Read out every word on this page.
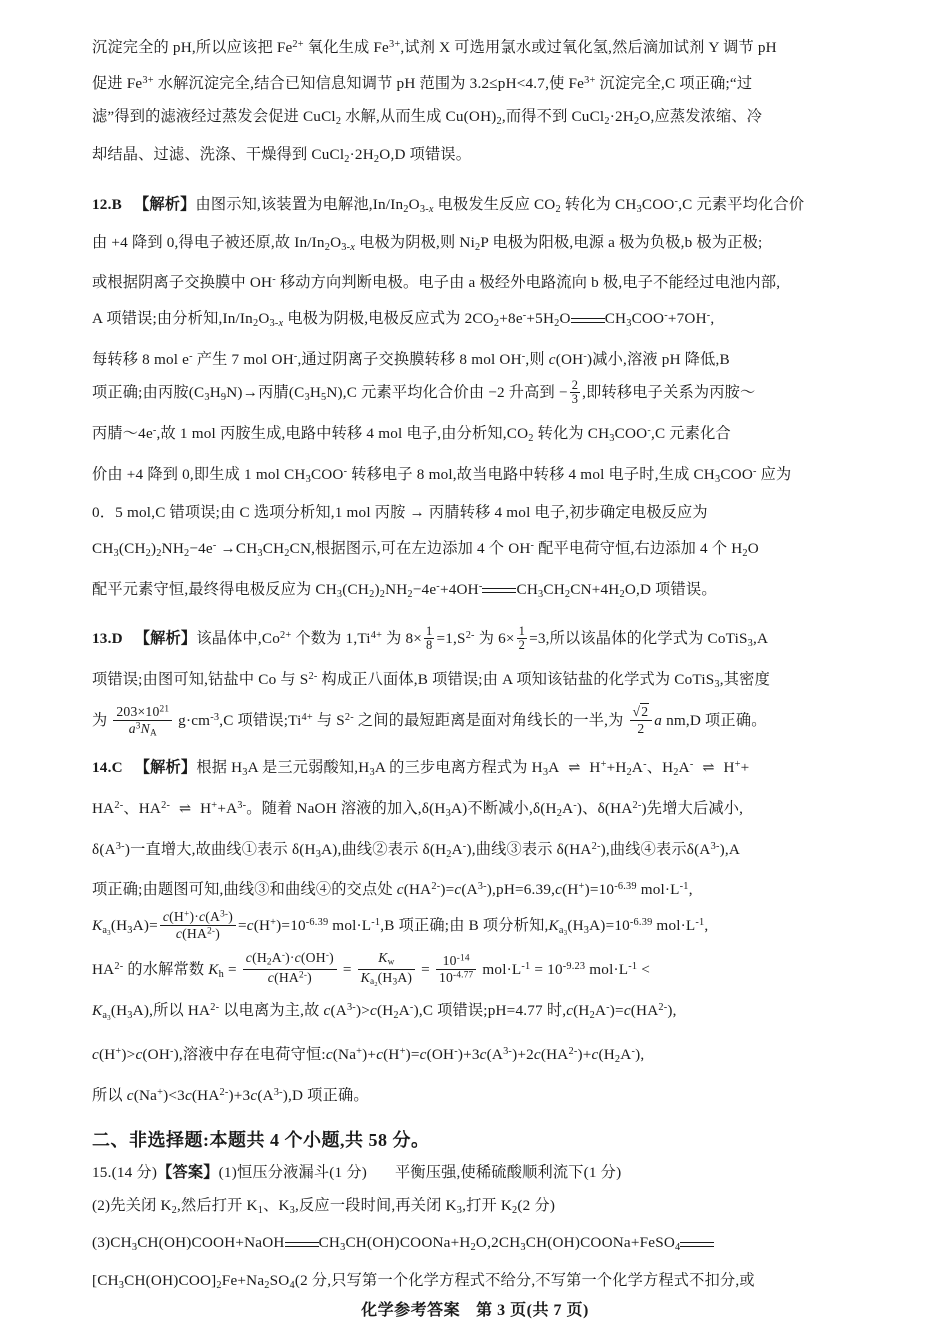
沉淀完全的 pH,所以应该把 $Fe^{2+}$ 氧化生成 $Fe^{3+}$,试剂 X 可选用氯水或过氧化氢,然后滴加试剂 Y 调节 pH
促进 $Fe^{3+}$ 水解沉淀完全,结合已知信息知调节 pH 范围为 3.2≤pH<4.7,使 $Fe^{3+}$ 沉淀完全,C 项正确;“过
滤”得到的滤液经过蒸发会促进 CuCl$_2$ 水解,从而生成 $Cu(OH)_2$,而得不到 $CuCl_2\cdot 2H_2O$,应蒸发浓缩、冷
却结晶、过滤、洗涤、干燥得到 $CuCl_2\cdot 2H_2O,D$ 项错误。
12.B 【解析】由图示知,该装置为电解池$,In/In_2O_{3-x}$ 电极发生反应 $CO_2$ 转化为 $CH_3COO^-,C$ 元素平均化合价
由 +4 降到 0,得电子被还原,故 $In/In_2O_{3-x}$ 电极为阴极,则 $Ni_2P$ 电极为阳极,电源 a 极为负极,b 极为正极;
或根据阴离子交换膜中 OH- 移动方向判断电极。电子由 a 极经外电路流向 b 极,电子不能经过电池内部,
A 项错误;由分析知$,In/In_2O_{3-x}$ 电极为阴极,电极反应式为 $2CO_2+8e^-+5H_2O$ $CH_3COO^-+7OH^-$,
每转移 8 mol e- 产生 7 mol OH-,通过阴离子交换膜转移 8 mol OH-,则 c(OH-)减小,溶液 pH 降低,B
项正确;由丙胺$(C_3H_9N)\to$丙腈$(C_3H_5N),C$ 元素平均化合价由 −2 升高到 − $\frac{2}{3}$ ,即转移电子关系为丙胺～
丙腈～4e-,故 1 mol 丙胺生成,电路中转移 4 mol 电子,由分析知$,CO_2$ 转化为 $CH_3COO^-,C$ 元素化合
价由 +4 降到 0,即生成 1 mol $CH_3COO^-$ 转移电子 8 mol,故当电路中转移 4 mol 电子时,生成 $CH_3COO^-$ 应为
0．5 mol,C 错项误;由 C 选项分析知,1 mol 丙胺 → 丙腈转移 4 mol 电子,初步确定电极反应为
$CH_3(CH_2)_2NH_2-4e^- \to CH_3CH_2CN$,根据图示,可在左边添加 4 个 OH- 配平电荷守恒,右边添加 4 个 $H_2O$
配平元素守恒,最终得电极反应为 $CH_3(CH_2)_2NH_2-4e^-+4OH^-$ $CH_3CH_2CN+4H_2O,D$ 项错误。
13.D 【解析】该晶体中$,Co^{2+}$ 个数为 $1,Ti^{4+}$ 为 $8\times \frac{1}{8} =1,S^{2-}$ 为 $6\times \frac{1}{2} =3$,所以该晶体的化学式为 CoTiS$_3$,A
项错误;由图可知,钴盐中 Co 与 $S^{2-}$ 构成正八面体,B 项错误;由 A 项知该钴盐的化学式为 CoTiS$_3$,其密度
为 $\frac{203\times 10^{21}}{a^3N_A} g\cdot cm^{-3},C$ 项错误$;Ti^{4+}$ 与 $S^{2-}$ 之间的最短距离是面对角线长的一半,为 $\frac{√2}{2}$ a nm,D 项正确。
14.C 【解析】根据 $H_3A$ 是三元弱酸知$,H_3A$ 的三步电离方程式为 $H_3A$ ⇌ $H^++H_2A^-$、$H_2A^-$ ⇌ H++
$HA^{2-}$、$HA^{2-}$ ⇌ $H^++A^{3-}$。随着 NaOH 溶液的加入$,\delta(H_3A)$不断减小$,\delta(H_2A^-)$、$\delta(HA^{2-})$先增大后减小,
$\delta(A^{3-})$一直增大,故曲线①表示 $\delta(H_3A)$,曲线②表示 $\delta(H_2A^-)$,曲线③表示 $\delta(HA^{2-})$,曲线④表示$\delta(A^{3-}),A$
项正确;由题图可知,曲线③和曲线④的交点处 $c(HA^{2-})=c(A^{3-}),pH=6.39,c(H^+)=10^{-6.39}$ $mol\cdot L^{-1}$,
$K_{a_3}(H_3A)= \frac{c(H^+)\cdot c(A^{3-})}{c(HA^{2-})} =c(H^+)=10^{-6.39}$ $mol\cdot L^{-1},B$ 项正确;由 B 项分析知$,K_{a_3}(H_3A)=10^{-6.39}$ $mol\cdot L^{-1}$,
$HA^{2-}$ 的水解常数 $K_h = \frac{c(H_2A^-)\cdot c(OH^-)}{c(HA^{2-})} = \frac{K_w}{K_{a_2}(H_3A)} = \frac{10^{-14}}{10^{-4.77}} mol\cdot L^{-1} = 10^{-9.23}$ $mol\cdot L^{-1}$ <
$K_{a_3}(H_3A)$,所以 $HA^{2-}$ 以电离为主,故 $c(A^{3-})>c(H_2A^-),C$ 项错误;pH=4.77 时$,c(H_2A^-)=c(HA^{2-})$,
c(H+)>c(OH-),溶液中存在电荷守恒$:c(Na^+)+c(H^+)=c(OH^-)+3c(A^{3-})+2c(HA^{2-})+c(H_2A^-)$,
所以 $c(Na^+)<3c(HA^{2-})+3c(A^{3-}),D$ 项正确。
二、非选择题:本题共 4 个小题,共 58 分。
15.(14 分)【答案】(1)恒压分液漏斗(1 分) 平衡压强,使稀硫酸顺利流下(1 分)
(2)先关闭 $K_2$,然后打开 $K_1$、$K_3$,反应一段时间,再关闭 $K_3$,打开 $K_2(2$ 分)
$(3)CH_3CH(OH)COOH+NaOH$ $CH_3CH(OH)COONa+H_2O,2CH_3CH(OH)COONa+FeSO_4$
$[CH_3CH(OH)COO]_2Fe+Na_2SO_4(2$ 分,只写第一个化学方程式不给分,不写第一个化学方程式不扣分,或
化学参考答案 第 3 页(共 7 页)
